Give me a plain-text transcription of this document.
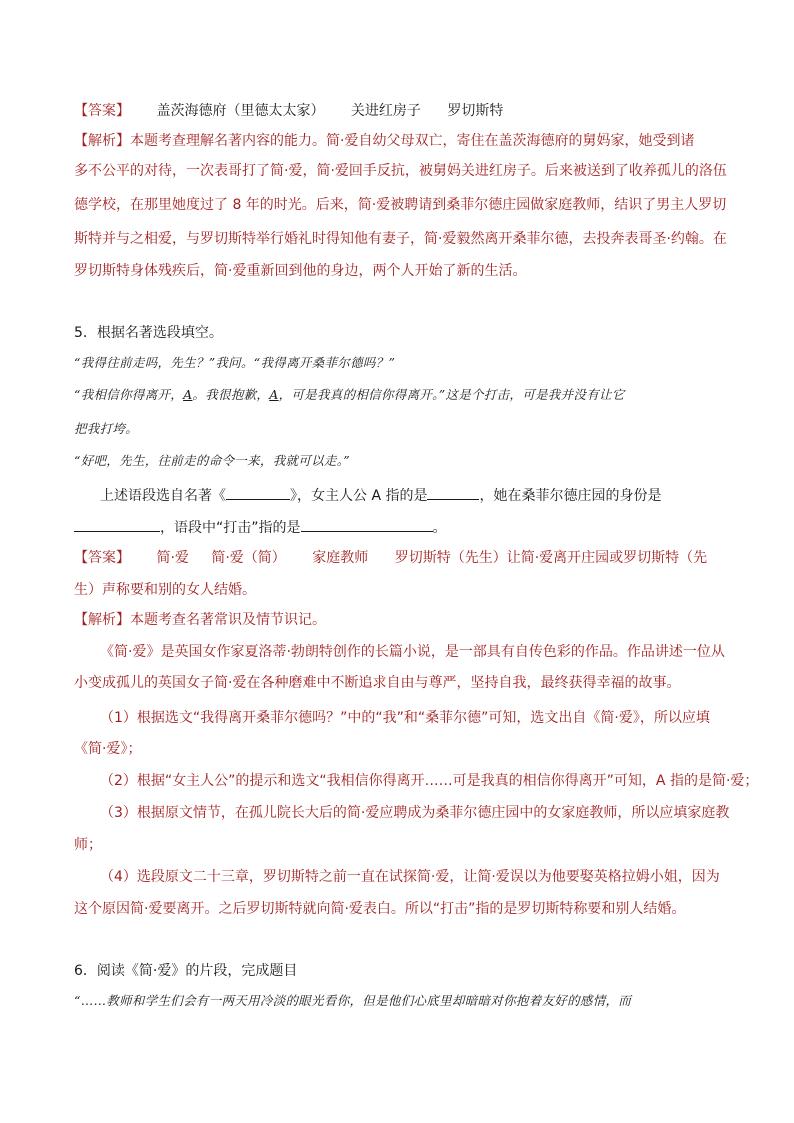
【答案】 盖茨海德府（里德太太家） 关进红房子 罗切斯特
【解析】本题考查理解名著内容的能力。简·爱自幼父母双亡，寄住在盖茨海德府的舅妈家，她受到诸
多不公平的对待，一次表哥打了简·爱，简·爱回手反抗，被舅妈关进红房子。后来被送到了收养孤儿的洛伍
德学校，在那里她度过了 8 年的时光。后来，简·爱被聘请到桑菲尔德庄园做家庭教师，结识了男主人罗切
斯特并与之相爱，与罗切斯特举行婚礼时得知他有妻子，简·爱毅然离开桑菲尔德，去投奔表哥圣·约翰。在
罗切斯特身体残疾后，简·爱重新回到他的身边，两个人开始了新的生活。
5．根据名著选段填空。
“我得往前走吗，先生？”我问。“我得离开桑菲尔德吗？”
“我相信你得离开，A。我很抱歉，A，可是我真的相信你得离开。”这是个打击，可是我并没有让它
把我打垮。
“好吧，先生，往前走的命令一来，我就可以走。”
上述语段选自名著《	》，女主人公 A 指的是	，她在桑菲尔德庄园的身份是
，语段中“打击”指的是	。
【答案】 简·爱 简·爱（简） 家庭教师 罗切斯特（先生）让简·爱离开庄园或罗切斯特（先
生）声称要和别的女人结婚。
【解析】本题考查名著常识及情节识记。
《简·爱》是英国女作家夏洛蒂·勃朗特创作的长篇小说，是一部具有自传色彩的作品。作品讲述一位从
小变成孤儿的英国女子简·爱在各种磨难中不断追求自由与尊严，坚持自我，最终获得幸福的故事。
（1）根据选文“我得离开桑菲尔德吗？”中的“我”和“桑菲尔德”可知，选文出自《简·爱》，所以应填
《简·爱》；
（2）根据“女主人公”的提示和选文“我相信你得离开……可是我真的相信你得离开”可知，A 指的是简·爱；
（3）根据原文情节，在孤儿院长大后的简·爱应聘成为桑菲尔德庄园中的女家庭教师，所以应填家庭教
师；
（4）选段原文二十三章，罗切斯特之前一直在试探简·爱，让简·爱误以为他要娶英格拉姆小姐，因为
这个原因简·爱要离开。之后罗切斯特就向简·爱表白。所以“打击”指的是罗切斯特称要和别人结婚。
6．阅读《简·爱》的片段，完成题目
“……教师和学生们会有一两天用冷淡的眼光看你，但是他们心底里却暗暗对你抱着友好的感情，而
